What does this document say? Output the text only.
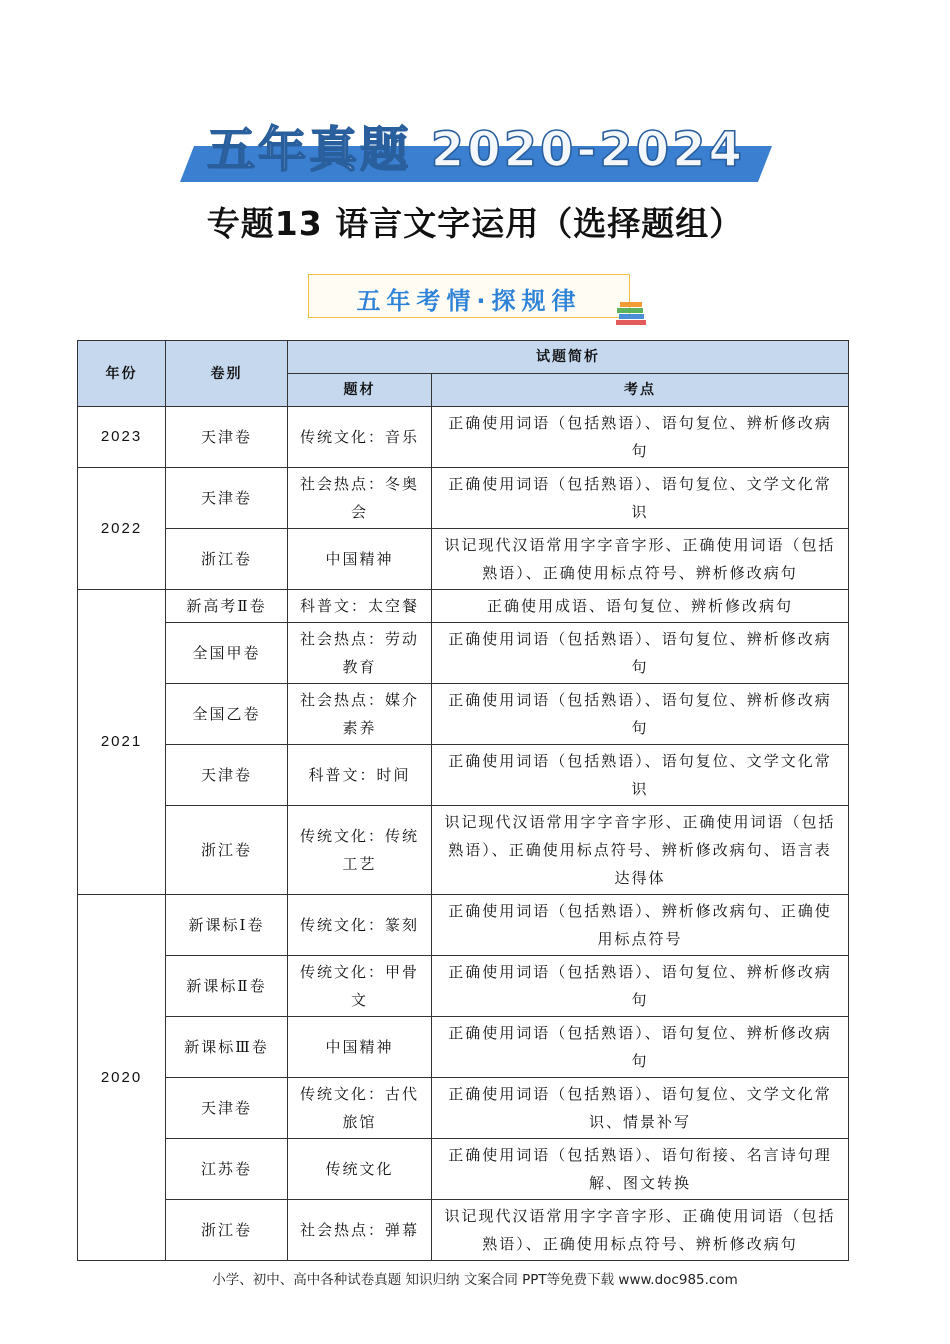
五年真题 2020-2024
专题13 语言文字运用（选择题组）
五年考情·探规律
年份	卷别	试题简析	
		题材	考点
2023	天津卷	传统文化：音乐	正确使用词语（包括熟语）、语句复位、辨析修改病句
2022	天津卷	社会热点：冬奥会	正确使用词语（包括熟语）、语句复位、文学文化常识
	浙江卷	中国精神	识记现代汉语常用字字音字形、正确使用词语（包括熟语）、正确使用标点符号、辨析修改病句
2021	新高考Ⅱ卷	科普文：太空餐	正确使用成语、语句复位、辨析修改病句
	全国甲卷	社会热点：劳动教育	正确使用词语（包括熟语）、语句复位、辨析修改病句
	全国乙卷	社会热点：媒介素养	正确使用词语（包括熟语）、语句复位、辨析修改病句
	天津卷	科普文：时间	正确使用词语（包括熟语）、语句复位、文学文化常识
	浙江卷	传统文化：传统工艺	识记现代汉语常用字字音字形、正确使用词语（包括熟语）、正确使用标点符号、辨析修改病句、语言表达得体
2020	新课标Ⅰ卷	传统文化：篆刻	正确使用词语（包括熟语）、辨析修改病句、正确使用标点符号
	新课标Ⅱ卷	传统文化：甲骨文	正确使用词语（包括熟语）、语句复位、辨析修改病句
	新课标Ⅲ卷	中国精神	正确使用词语（包括熟语）、语句复位、辨析修改病句
	天津卷	传统文化：古代旅馆	正确使用词语（包括熟语）、语句复位、文学文化常识、情景补写
	江苏卷	传统文化	正确使用词语（包括熟语）、语句衔接、名言诗句理解、图文转换
	浙江卷	社会热点：弹幕	识记现代汉语常用字字音字形、正确使用词语（包括熟语）、正确使用标点符号、辨析修改病句
小学、初中、高中各种试卷真题 知识归纳 文案合同 PPT等免费下载 www.doc985.com
